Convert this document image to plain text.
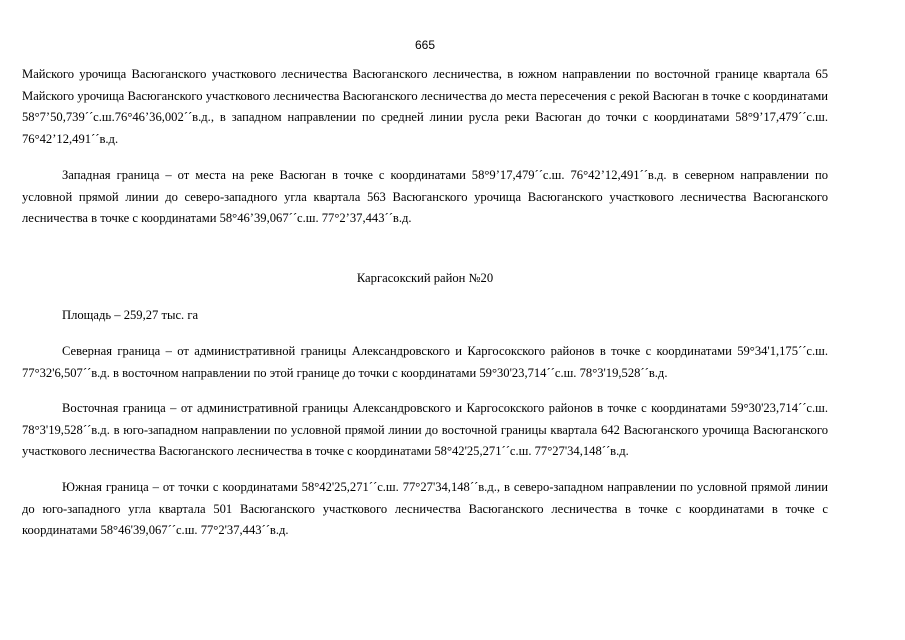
665

Майского урочища Васюганского участкового лесничества Васюганского лесничества, в южном направлении по восточной границе квартала 65 Майского урочища Васюганского участкового лесничества Васюганского лесничества до места пересечения с рекой Васюган в точке с координатами 58°7’50,739´´с.ш.76°46’36,002´´в.д., в западном направлении по средней линии русла реки Васюган до точки с координатами 58°9’17,479´´с.ш. 76°42’12,491´´в.д.

Западная граница – от места на реке Васюган в точке с координатами 58°9’17,479´´с.ш. 76°42’12,491´´в.д. в северном направлении по условной прямой линии до северо-западного угла квартала 563 Васюганского урочища Васюганского участкового лесничества Васюганского лесничества в точке с координатами 58°46’39,067´´с.ш. 77°2’37,443´´в.д.

Каргасокский район №20

Площадь – 259,27 тыс. га

Северная граница – от административной границы Александровского и Каргосокского районов в точке с координатами 59°34'1,175´´с.ш. 77°32'6,507´´в.д. в восточном направлении по этой границе до точки с координатами 59°30'23,714´´с.ш. 78°3'19,528´´в.д.

Восточная граница – от административной границы Александровского и Каргосокского районов в точке с координатами 59°30'23,714´´с.ш. 78°3'19,528´´в.д. в юго-западном направлении по условной прямой линии до восточной границы квартала 642 Васюганского урочища Васюганского участкового лесничества Васюганского лесничества в точке с координатами 58°42'25,271´´с.ш. 77°27'34,148´´в.д.

Южная граница – от точки с координатами 58°42'25,271´´с.ш. 77°27'34,148´´в.д., в северо-западном направлении по условной прямой линии до юго-западного угла квартала 501 Васюганского участкового лесничества Васюганского лесничества в точке с координатами в точке с координатами 58°46'39,067´´с.ш. 77°2'37,443´´в.д.
